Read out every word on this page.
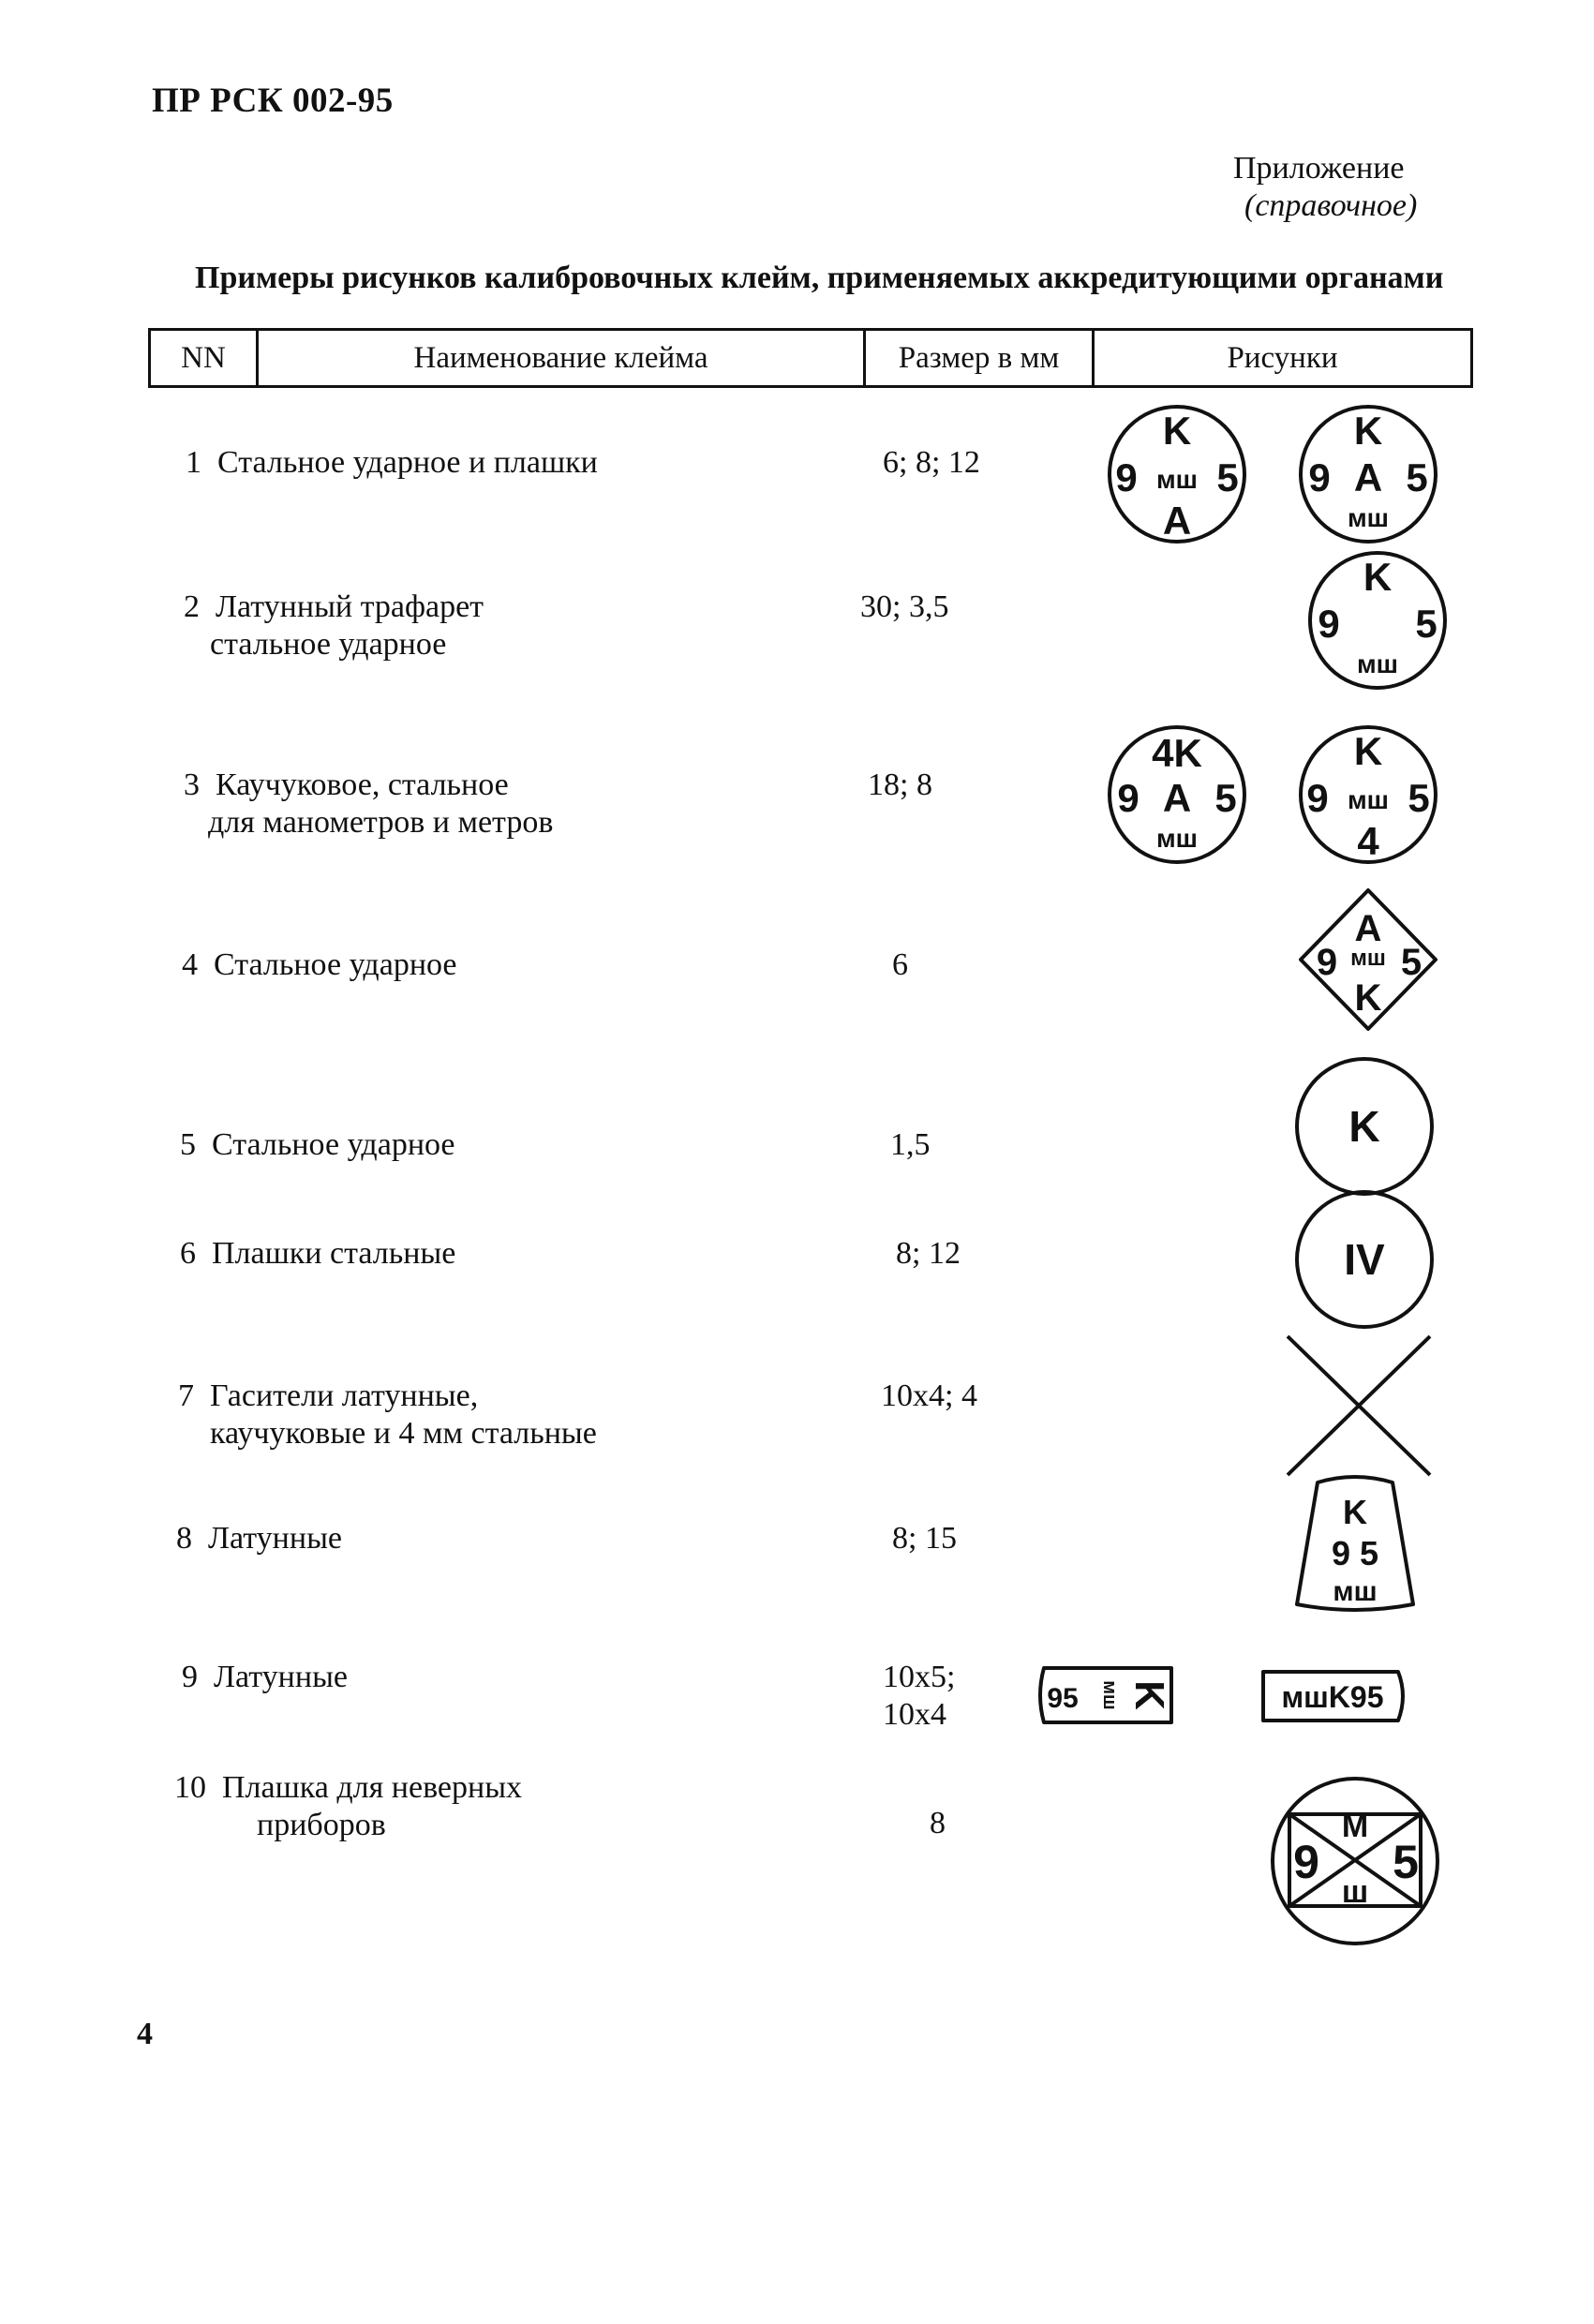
ПР РСК 002-95
Приложение
(справочное)
Примеры рисунков калибровочных клейм, применяемых аккредитующими органами
NN	Наименование клейма	Размер в мм	Рисунки
1 Стальное ударное и плашки	6; 8; 12
2 Латунный трафарет
стальное ударное
30; 3,5
3 Каучуковое, стальное
для манометров и метров
18; 8
4 Стальное ударное	6
5 Стальное ударное	1,5
6 Плашки стальные	8; 12
7 Гасители латунные,
каучуковые и 4 мм стальные
10x4; 4
8 Латунные	8; 15
9 Латунные	10x5;
10x4
10 Плашка для неверных
приборов	8
K
9 мш 5
A
K
9 A 5
мш
K
9 5
мш
4K
9 A 5
мш
K
9 мш 5
4
A
9 мш 5
K
K
IV
K
9 5
мш
95 мш K	мшK95
M
9 5
ш
4
